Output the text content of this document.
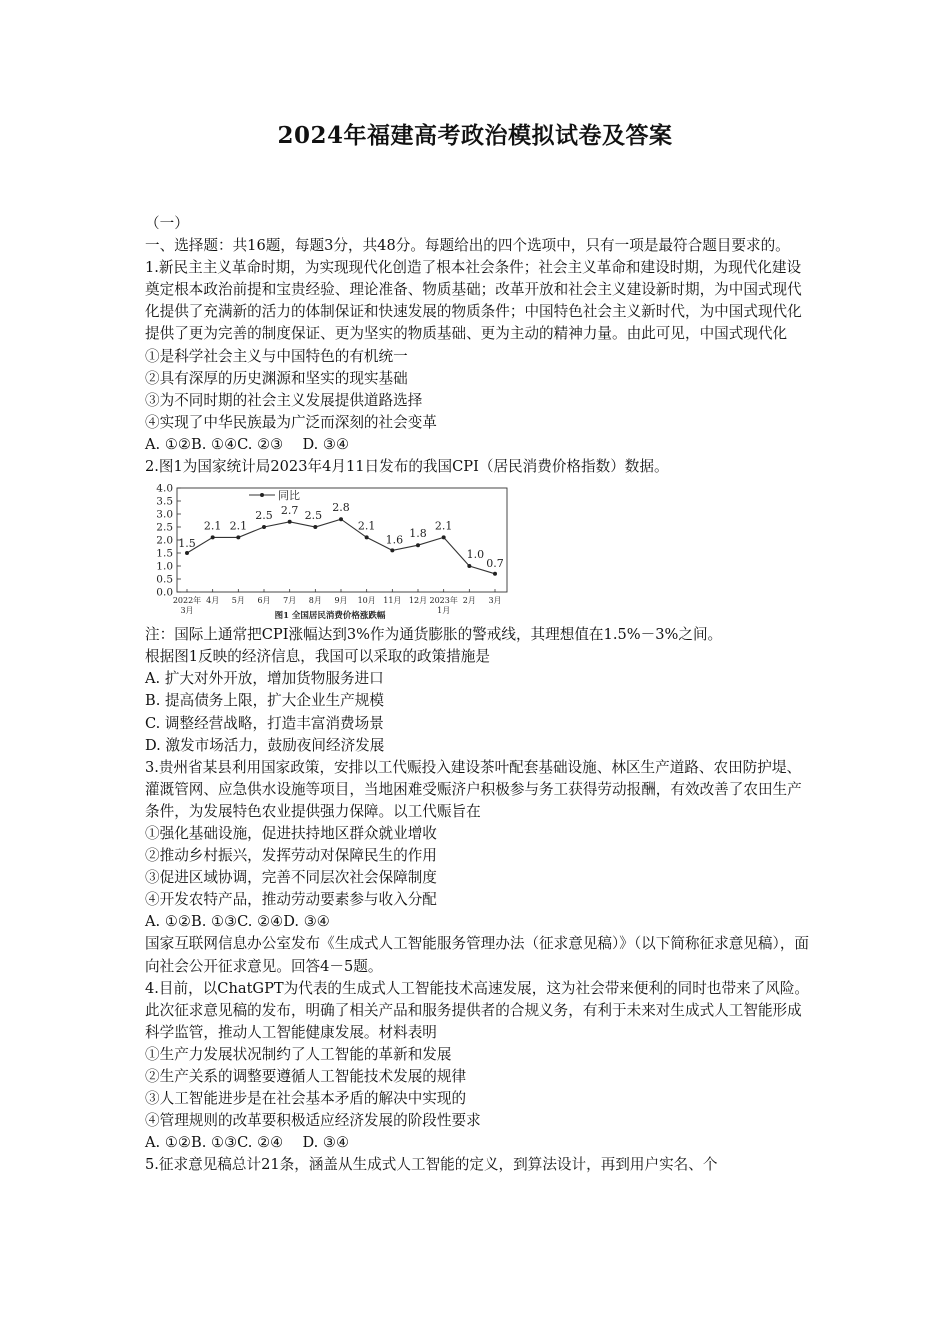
2024年福建高考政治模拟试卷及答案

（一）

一、选择题：共16题，每题3分，共48分。每题给出的四个选项中，只有一项是最符合题目要求的。

1.新民主主义革命时期，为实现现代化创造了根本社会条件；社会主义革命和建设时期，为现代化建设奠定根本政治前提和宝贵经验、理论准备、物质基础；改革开放和社会主义建设新时期，为中国式现代化提供了充满新的活力的体制保证和快速发展的物质条件；中国特色社会主义新时代，为中国式现代化提供了更为完善的制度保证、更为坚实的物质基础、更为主动的精神力量。由此可见，中国式现代化

①是科学社会主义与中国特色的有机统一

②具有深厚的历史渊源和坚实的现实基础

③为不同时期的社会主义发展提供道路选择

④实现了中华民族最为广泛而深刻的社会变革

A. ①②B. ①④C. ②③　 D. ③④

2.图1为国家统计局2023年4月11日发布的我国CPI（居民消费价格指数）数据。

0.0
0.5
1.0
1.5
2.0
2.5
3.0
3.5
4.0
2022年
3月
4月 5月 6月 7月 8月 9月 10月 11月 12月 2023年
1月
2月 3月
1.5
2.1 2.1
2.5 2.7 2.5
2.8
2.1
1.6 1.8
2.1
1.0
0.7
同比
图1 全国居民消费价格涨跌幅

注：国际上通常把CPI涨幅达到3%作为通货膨胀的警戒线，其理想值在1.5%－3%之间。

根据图1反映的经济信息，我国可以采取的政策措施是

A. 扩大对外开放，增加货物服务进口

B. 提高债务上限，扩大企业生产规模

C. 调整经营战略，打造丰富消费场景

D. 激发市场活力，鼓励夜间经济发展

3.贵州省某县利用国家政策，安排以工代赈投入建设茶叶配套基础设施、林区生产道路、农田防护堤、灌溉管网、应急供水设施等项目，当地困难受赈济户积极参与务工获得劳动报酬，有效改善了农田生产条件，为发展特色农业提供强力保障。以工代赈旨在

①强化基础设施，促进扶持地区群众就业增收

②推动乡村振兴，发挥劳动对保障民生的作用

③促进区域协调，完善不同层次社会保障制度

④开发农特产品，推动劳动要素参与收入分配

A. ①②B. ①③C. ②④D. ③④

国家互联网信息办公室发布《生成式人工智能服务管理办法（征求意见稿）》（以下简称征求意见稿），面向社会公开征求意见。回答4－5题。

4.目前，以ChatGPT为代表的生成式人工智能技术高速发展，这为社会带来便利的同时也带来了风险。此次征求意见稿的发布，明确了相关产品和服务提供者的合规义务，有利于未来对生成式人工智能形成科学监管，推动人工智能健康发展。材料表明

①生产力发展状况制约了人工智能的革新和发展

②生产关系的调整要遵循人工智能技术发展的规律

③人工智能进步是在社会基本矛盾的解决中实现的

④管理规则的改革要积极适应经济发展的阶段性要求

A. ①②B. ①③C. ②④　 D. ③④

5.征求意见稿总计21条，涵盖从生成式人工智能的定义，到算法设计，再到用户实名、个
